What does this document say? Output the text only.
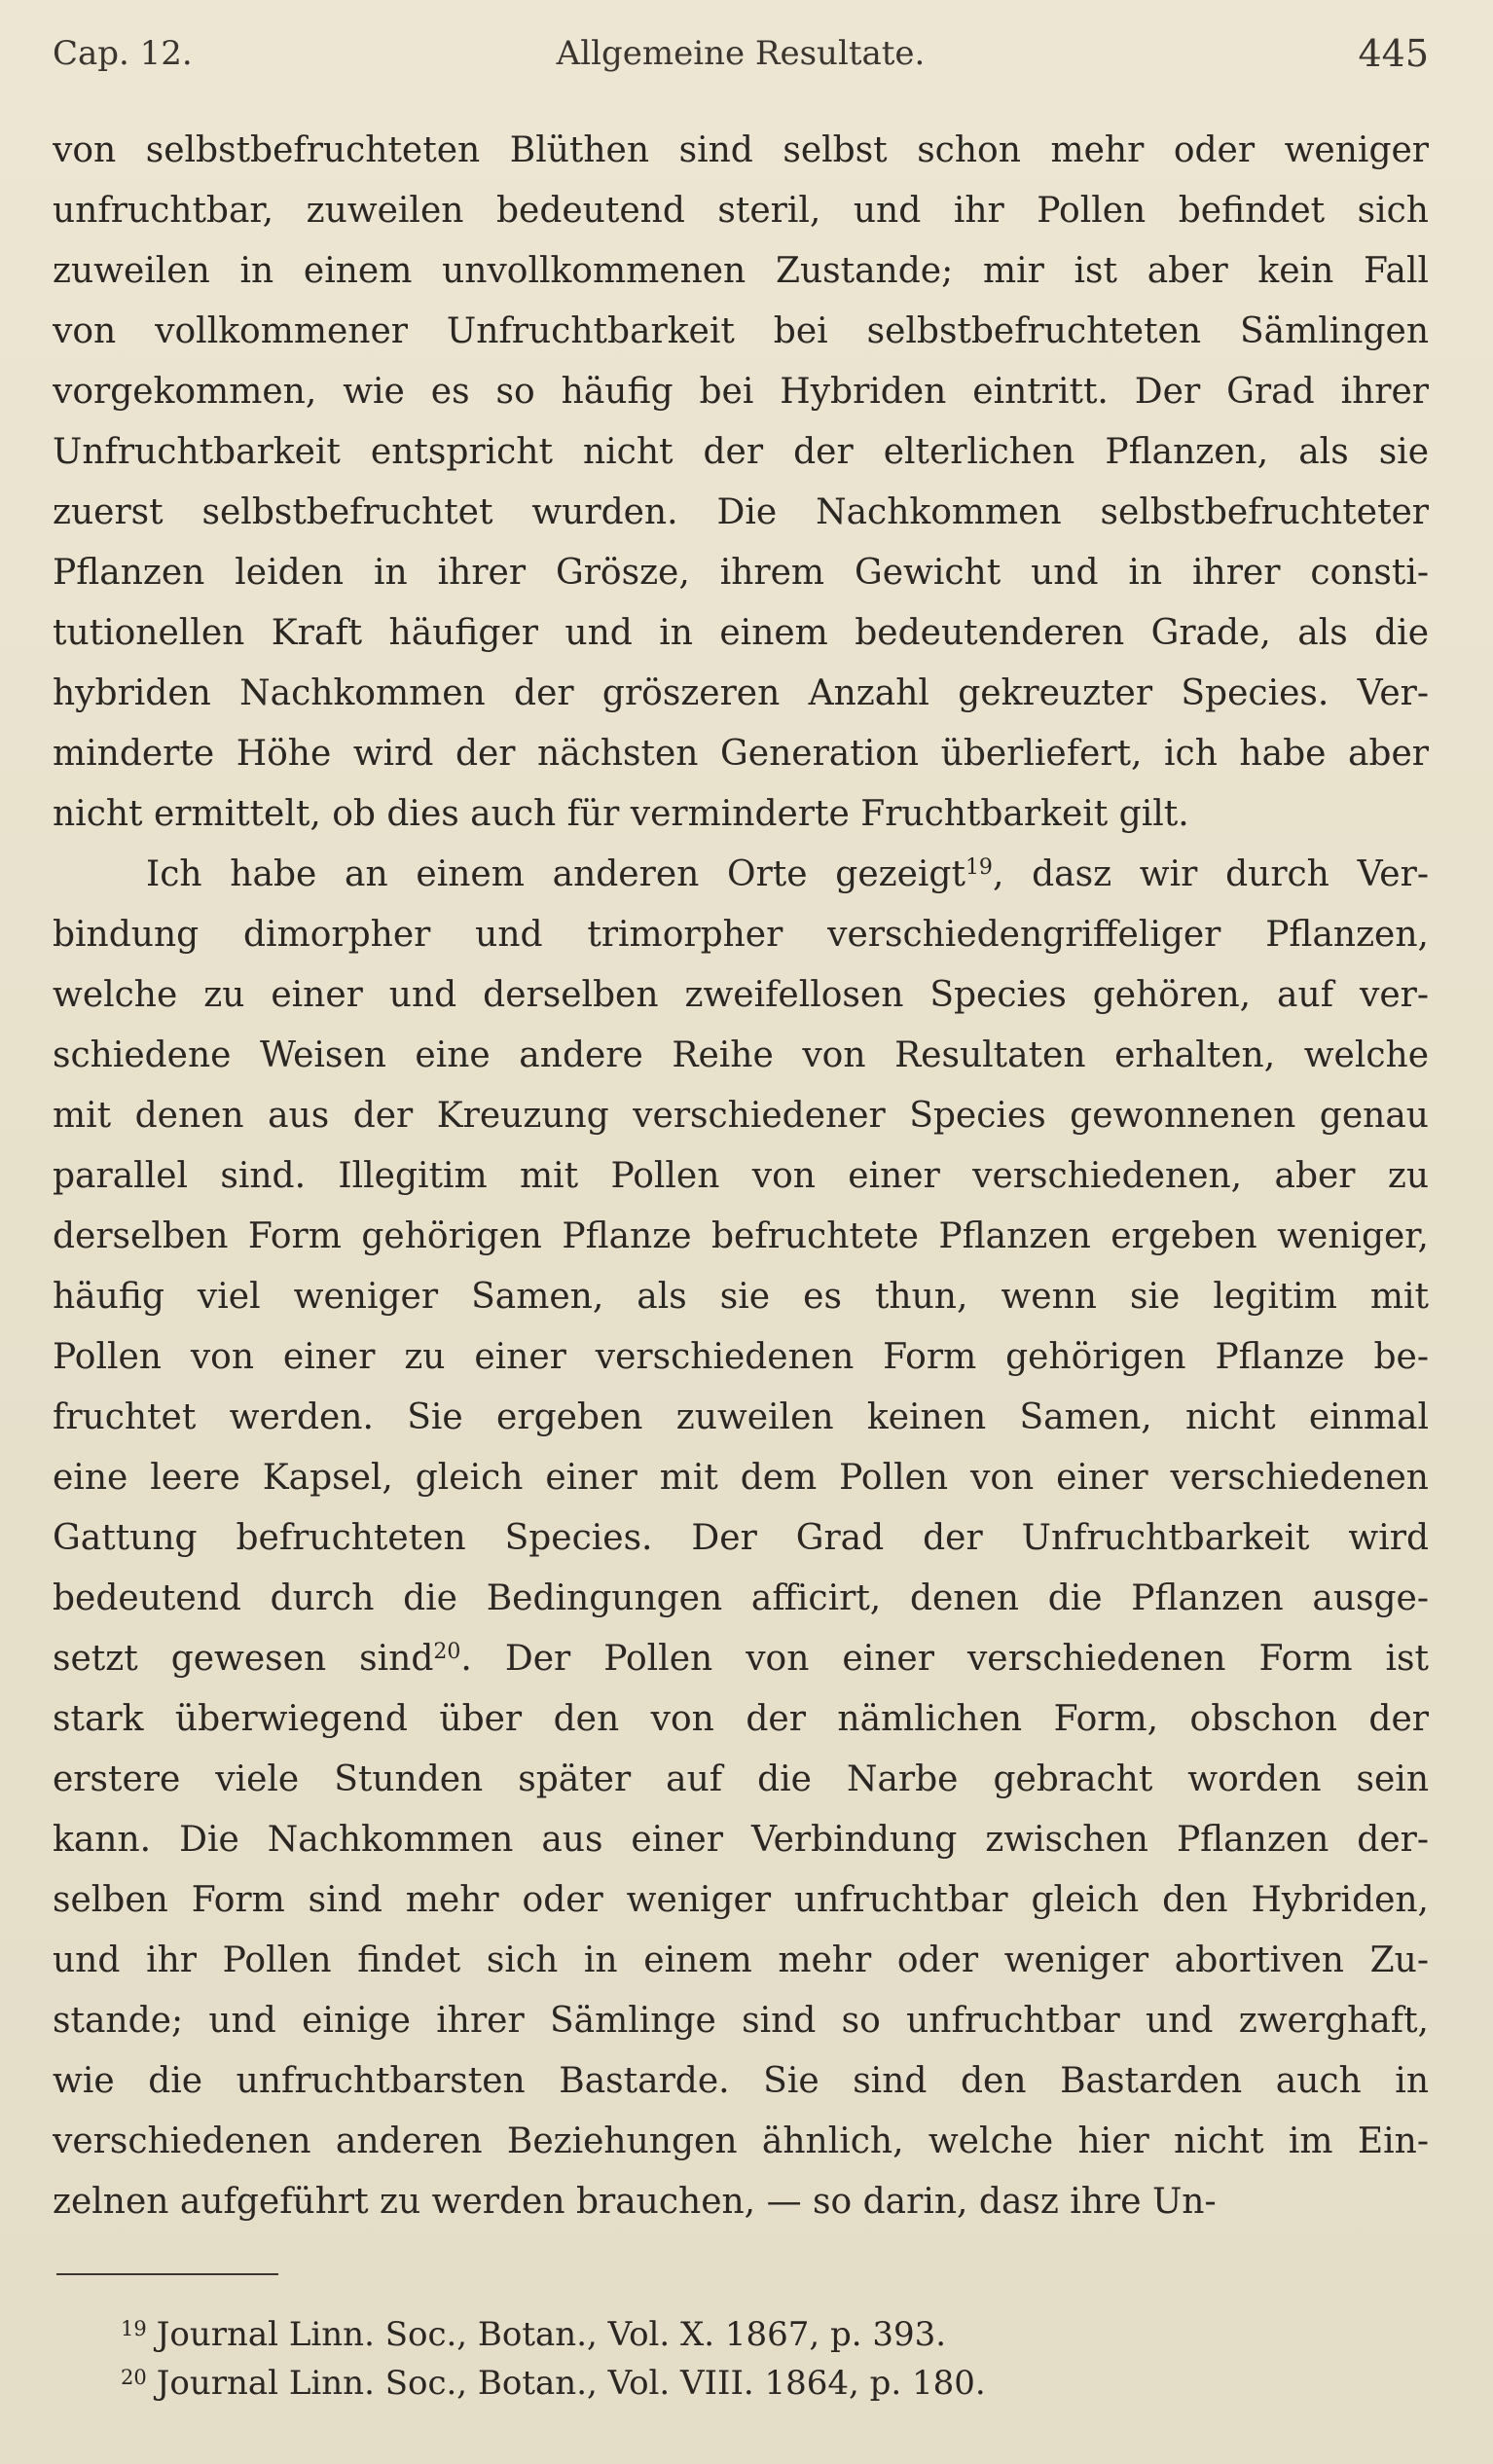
Cap. 12.	Allgemeine Resultate.	445
von selbstbefruchteten Blüthen sind selbst schon mehr oder weniger
unfruchtbar, zuweilen bedeutend steril, und ihr Pollen befindet sich
zuweilen in einem unvollkommenen Zustande; mir ist aber kein Fall
von vollkommener Unfruchtbarkeit bei selbstbefruchteten Sämlingen
vorgekommen, wie es so häufig bei Hybriden eintritt. Der Grad ihrer
Unfruchtbarkeit entspricht nicht der der elterlichen Pflanzen, als sie
zuerst selbstbefruchtet wurden. Die Nachkommen selbstbefruchteter
Pflanzen leiden in ihrer Grösze, ihrem Gewicht und in ihrer consti-
tutionellen Kraft häufiger und in einem bedeutenderen Grade, als die
hybriden Nachkommen der gröszeren Anzahl gekreuzter Species. Ver-
minderte Höhe wird der nächsten Generation überliefert, ich habe aber
nicht ermittelt, ob dies auch für verminderte Fruchtbarkeit gilt.
Ich habe an einem anderen Orte gezeigt$^{19}$, dasz wir durch Ver-
bindung dimorpher und trimorpher verschiedengriffeliger Pflanzen,
welche zu einer und derselben zweifellosen Species gehören, auf ver-
schiedene Weisen eine andere Reihe von Resultaten erhalten, welche
mit denen aus der Kreuzung verschiedener Species gewonnenen genau
parallel sind. Illegitim mit Pollen von einer verschiedenen, aber zu
derselben Form gehörigen Pflanze befruchtete Pflanzen ergeben weniger,
häufig viel weniger Samen, als sie es thun, wenn sie legitim mit
Pollen von einer zu einer verschiedenen Form gehörigen Pflanze be-
fruchtet werden. Sie ergeben zuweilen keinen Samen, nicht einmal
eine leere Kapsel, gleich einer mit dem Pollen von einer verschiedenen
Gattung befruchteten Species. Der Grad der Unfruchtbarkeit wird
bedeutend durch die Bedingungen afficirt, denen die Pflanzen ausge-
setzt gewesen sind$^{20}$. Der Pollen von einer verschiedenen Form ist
stark überwiegend über den von der nämlichen Form, obschon der
erstere viele Stunden später auf die Narbe gebracht worden sein
kann. Die Nachkommen aus einer Verbindung zwischen Pflanzen der-
selben Form sind mehr oder weniger unfruchtbar gleich den Hybriden,
und ihr Pollen findet sich in einem mehr oder weniger abortiven Zu-
stande; und einige ihrer Sämlinge sind so unfruchtbar und zwerghaft,
wie die unfruchtbarsten Bastarde. Sie sind den Bastarden auch in
verschiedenen anderen Beziehungen ähnlich, welche hier nicht im Ein-
zelnen aufgeführt zu werden brauchen, — so darin, dasz ihre Un-
$^{19}$ Journal Linn. Soc., Botan., Vol. X. 1867, p. 393.
$^{20}$ Journal Linn. Soc., Botan., Vol. VIII. 1864, p. 180.
